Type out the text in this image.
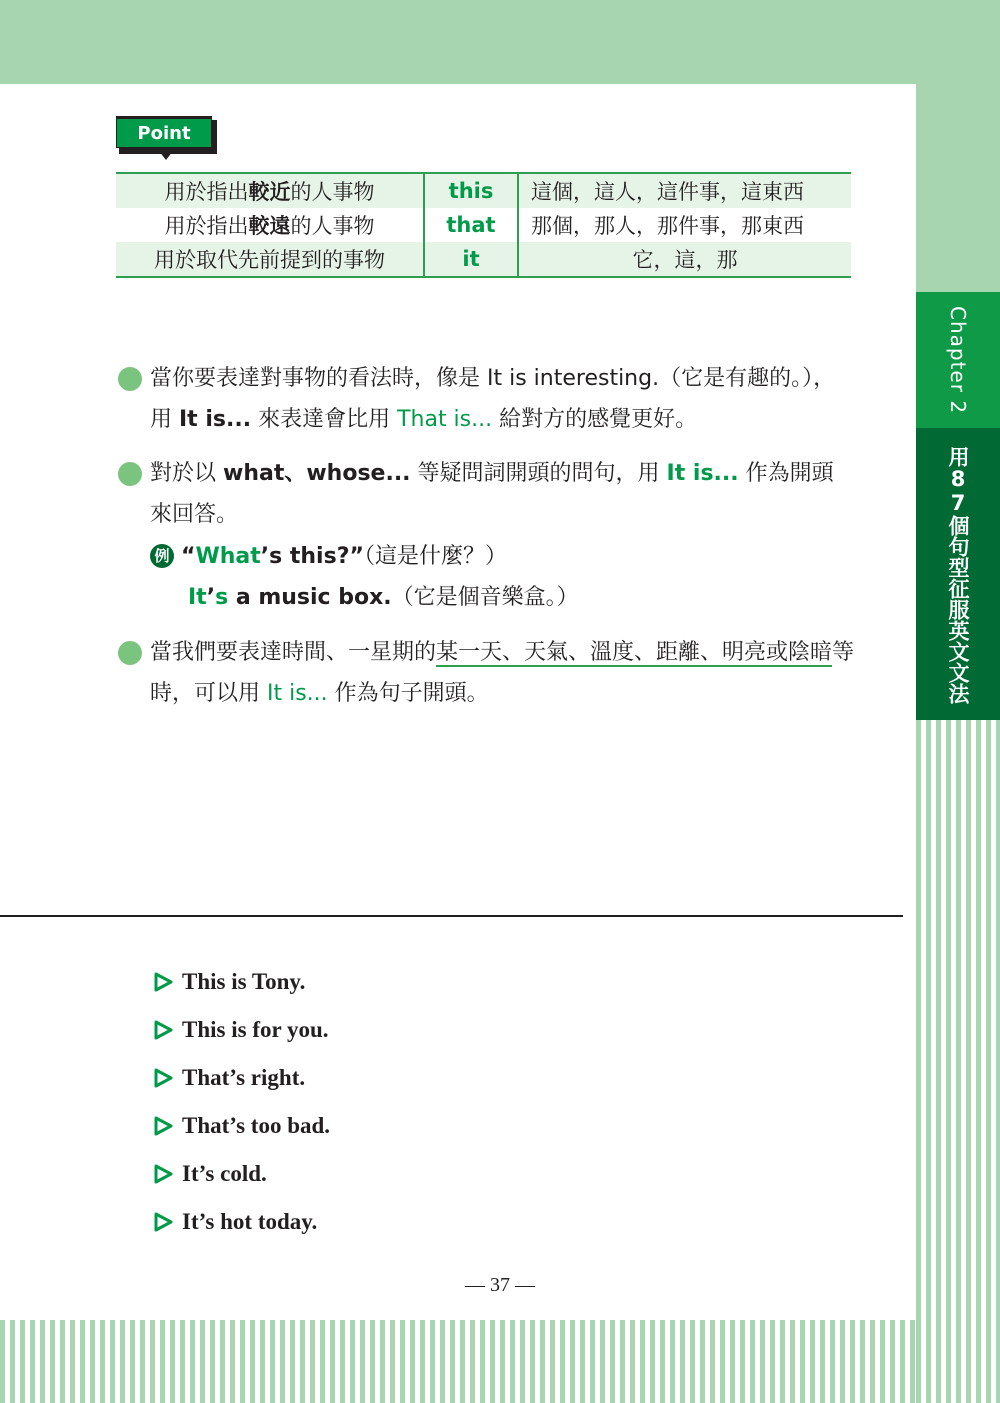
Chapter 2
用87個句型征服英文文法
Point
用於指出較近的人事物	this	這個，這人，這件事，這東西
用於指出較遠的人事物	that	那個，那人，那件事，那東西
用於取代先前提到的事物	it	它，這，那
當你要表達對事物的看法時，像是 It is interesting.（它是有趣的。），用 It is... 來表達會比用 That is... 給對方的感覺更好。
對於以 what、whose... 等疑問詞開頭的問句，用 It is... 作為開頭來回答。
例 “What’s this?”（這是什麼？）
It’s a music box.（它是個音樂盒。）
當我們要表達時間、一星期的某一天、天氣、溫度、距離、明亮或陰暗等時，可以用 It is... 作為句子開頭。
This is Tony.
This is for you.
That’s right.
That’s too bad.
It’s cold.
It’s hot today.
— 37 —
